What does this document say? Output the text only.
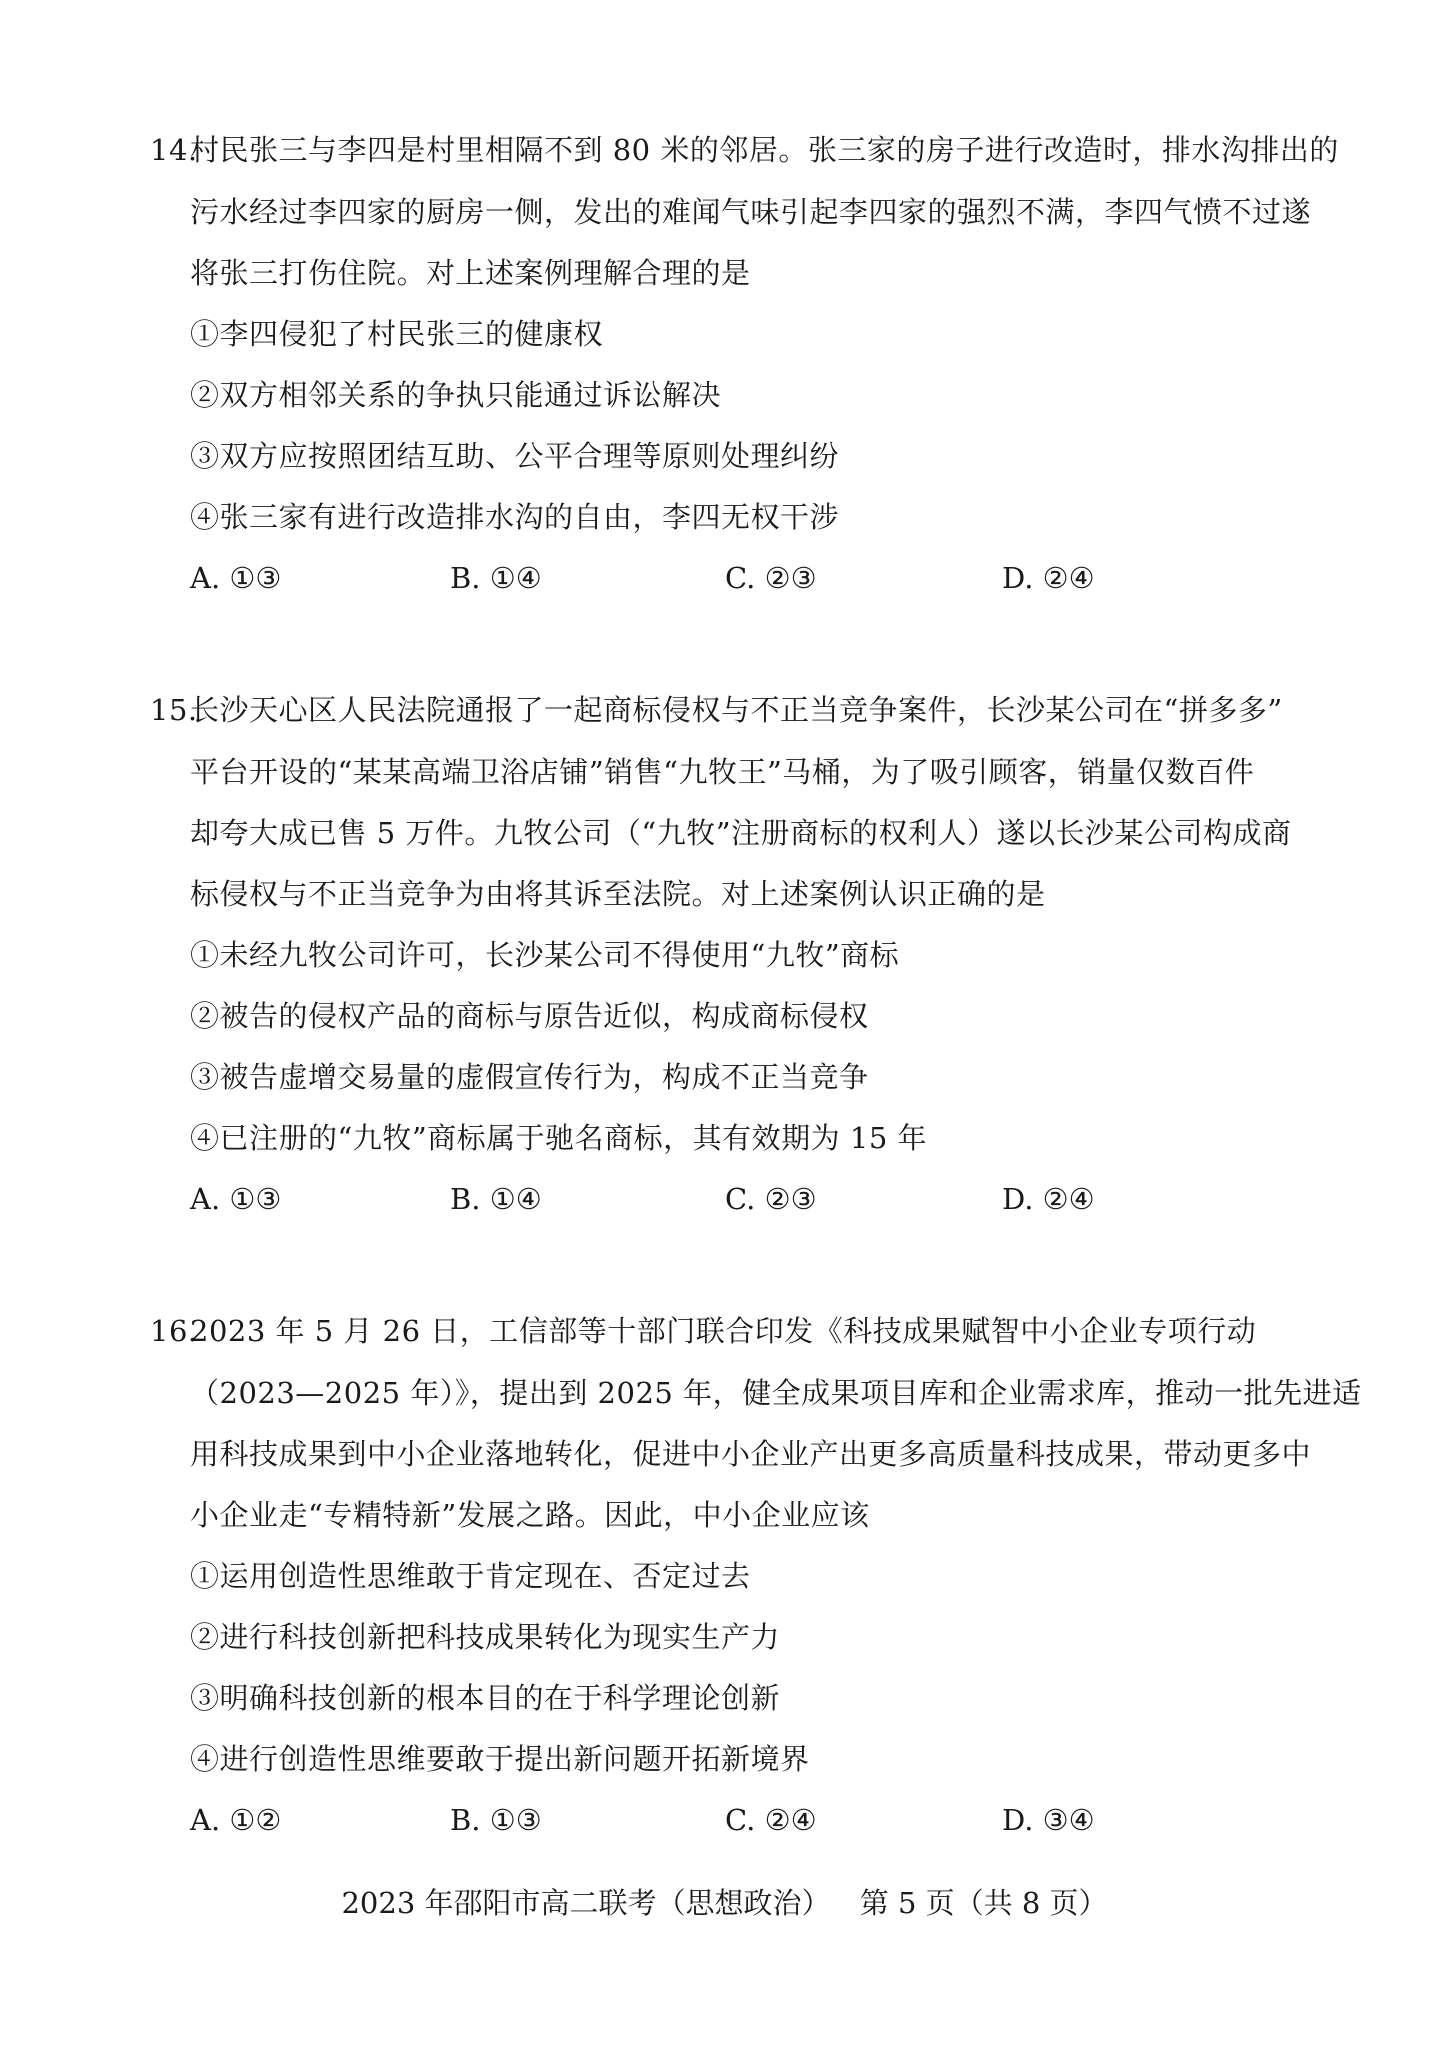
14.
村民张三与李四是村里相隔不到 80 米的邻居。张三家的房子进行改造时，排水沟排出的
污水经过李四家的厨房一侧，发出的难闻气味引起李四家的强烈不满，李四气愤不过遂
将张三打伤住院。对上述案例理解合理的是
①李四侵犯了村民张三的健康权
②双方相邻关系的争执只能通过诉讼解决
③双方应按照团结互助、公平合理等原则处理纠纷
④张三家有进行改造排水沟的自由，李四无权干涉
A. ①③	B. ①④	C. ②③	D. ②④
15.
长沙天心区人民法院通报了一起商标侵权与不正当竞争案件，长沙某公司在“拼多多”
平台开设的“某某高端卫浴店铺”销售“九牧王”马桶，为了吸引顾客，销量仅数百件
却夸大成已售 5 万件。九牧公司（“九牧”注册商标的权利人）遂以长沙某公司构成商
标侵权与不正当竞争为由将其诉至法院。对上述案例认识正确的是
①未经九牧公司许可，长沙某公司不得使用“九牧”商标
②被告的侵权产品的商标与原告近似，构成商标侵权
③被告虚增交易量的虚假宣传行为，构成不正当竞争
④已注册的“九牧”商标属于驰名商标，其有效期为 15 年
A. ①③	B. ①④	C. ②③	D. ②④
16.
2023 年 5 月 26 日，工信部等十部门联合印发《科技成果赋智中小企业专项行动
（2023—2025 年）》，提出到 2025 年，健全成果项目库和企业需求库，推动一批先进适
用科技成果到中小企业落地转化，促进中小企业产出更多高质量科技成果，带动更多中
小企业走“专精特新”发展之路。因此，中小企业应该
①运用创造性思维敢于肯定现在、否定过去
②进行科技创新把科技成果转化为现实生产力
③明确科技创新的根本目的在于科学理论创新
④进行创造性思维要敢于提出新问题开拓新境界
A. ①②	B. ①③	C. ②④	D. ③④
2023 年邵阳市高二联考（思想政治） 第 5 页（共 8 页）
